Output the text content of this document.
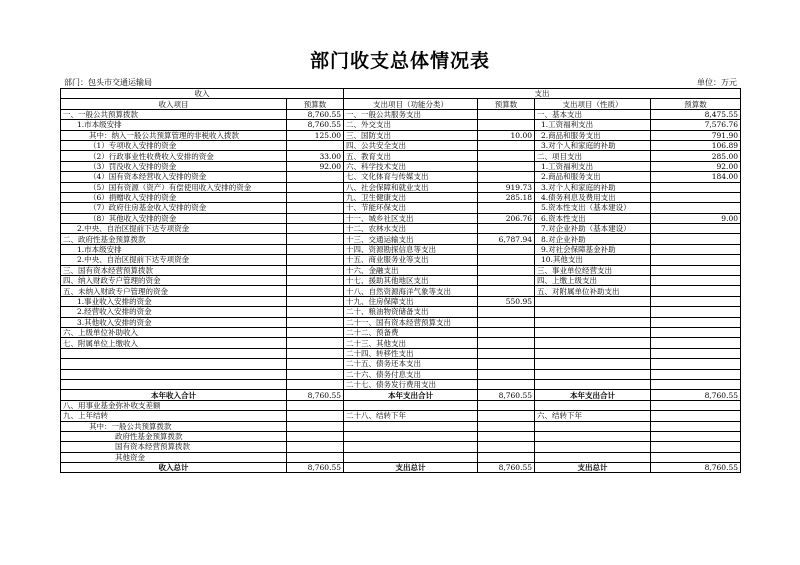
部门收支总体情况表
部门：包头市交通运输局	单位：万元
收入		支出			
收入项目	预算数	支出项目（功能分类）	预算数	支出项目（性质）	预算数
一、一般公共预算拨款	8,760.55	一、一般公共服务支出		一、基本支出	8,475.55
1.市本级安排	8,760.55	二、外交支出		1.工资福利支出	7,576.76
其中：纳入一般公共预算管理的非税收入拨款	125.00	三、国防支出	10.00	2.商品和服务支出	791.90
（1）专项收入安排的资金		四、公共安全支出		3.对个人和家庭的补助	106.89
（2）行政事业性收费收入安排的资金	33.00	五、教育支出		二、项目支出	285.00
（3）罚没收入安排的资金	92.00	六、科学技术支出		1.工资福利支出	92.00
（4）国有资本经营收入安排的资金		七、文化体育与传媒支出		2.商品和服务支出	184.00
（5）国有资源（资产）有偿使用收入安排的资金		八、社会保障和就业支出	919.73	3.对个人和家庭的补助	
（6）捐赠收入安排的资金		九、卫生健康支出	285.18	4.债务利息及费用支出	
（7）政府住房基金收入安排的资金		十、节能环保支出		5.资本性支出（基本建设）	
（8）其他收入安排的资金		十一、城乡社区支出	206.76	6.资本性支出	9.00
2.中央、自治区提前下达专项资金		十二、农林水支出		7.对企业补助（基本建设）	
二、政府性基金预算拨款		十三、交通运输支出	6,787.94	8.对企业补助	
1.市本级安排		十四、资源勘探信息等支出		9.对社会保障基金补助	
2.中央、自治区提前下达专项资金		十五、商业服务业等支出		10.其他支出	
三、国有资本经营预算拨款		十六、金融支出		三、事业单位经营支出	
四、纳入财政专户管理的资金		十七、援助其他地区支出		四、上缴上级支出	
五、未纳入财政专户管理的资金		十八、自然资源海洋气象等支出		五、对附属单位补助支出	
1.事业收入安排的资金		十九、住房保障支出	550.95		
2.经营收入安排的资金		二十、粮油物资储备支出			
3.其他收入安排的资金		二十一、国有资本经营预算支出			
六、上级单位补助收入		二十二、预备费			
七、附属单位上缴收入		二十三、其他支出			
		二十四、转移性支出			
		二十五、债务还本支出			
		二十六、债务付息支出			
		二十七、债务发行费用支出			
本年收入合计	8,760.55	本年支出合计	8,760.55	本年支出合计	8,760.55
八、用事业基金弥补收支差额					
九、上年结转		二十八、结转下年		六、结转下年	
其中：一般公共预算拨款					
政府性基金预算拨款					
国有资本经营预算拨款					
其他资金					
收入总计	8,760.55	支出总计	8,760.55	支出总计	8,760.55
